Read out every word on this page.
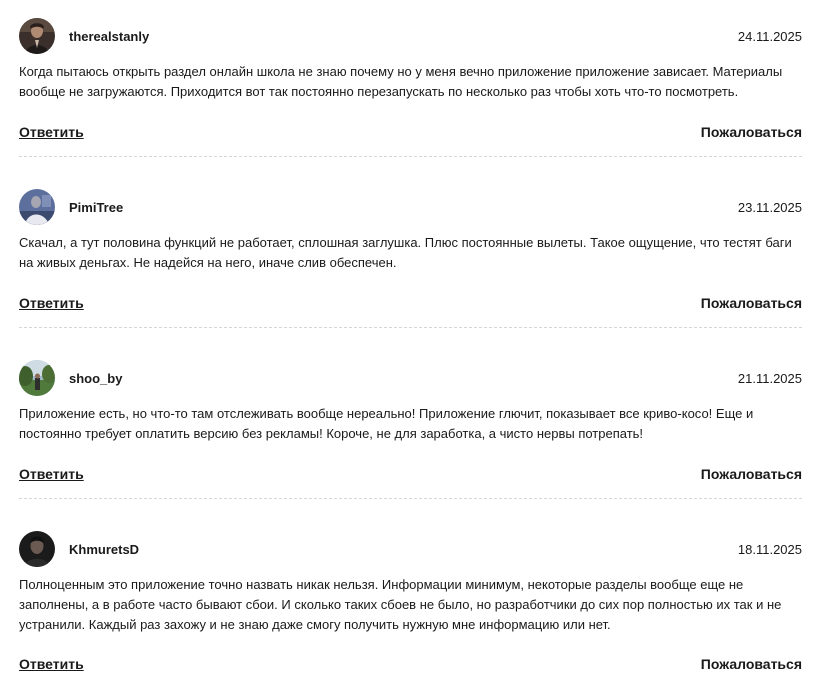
therealstanly	24.11.2025
Когда пытаюсь открыть раздел онлайн школа не знаю почему но у меня вечно приложение приложение зависает. Материалы вообще не загружаются. Приходится вот так постоянно перезапускать по несколько раз чтобы хоть что-то посмотреть.
Ответить	Пожаловаться
PimiTree	23.11.2025
Скачал, а тут половина функций не работает, сплошная заглушка. Плюс постоянные вылеты. Такое ощущение, что тестят баги на живых деньгах. Не надейся на него, иначе слив обеспечен.
Ответить	Пожаловаться
shoo_by	21.11.2025
Приложение есть, но что-то там отслеживать вообще нереально! Приложение глючит, показывает все криво-косо! Еще и постоянно требует оплатить версию без рекламы! Короче, не для заработка, а чисто нервы потрепать!
Ответить	Пожаловаться
KhmuretsD	18.11.2025
Полноценным это приложение точно назвать никак нельзя. Информации минимум, некоторые разделы вообще еще не заполнены, а в работе часто бывают сбои. И сколько таких сбоев не было, но разработчики до сих пор полностью их так и не устранили. Каждый раз захожу и не знаю даже смогу получить нужную мне информацию или нет.
Ответить	Пожаловаться
